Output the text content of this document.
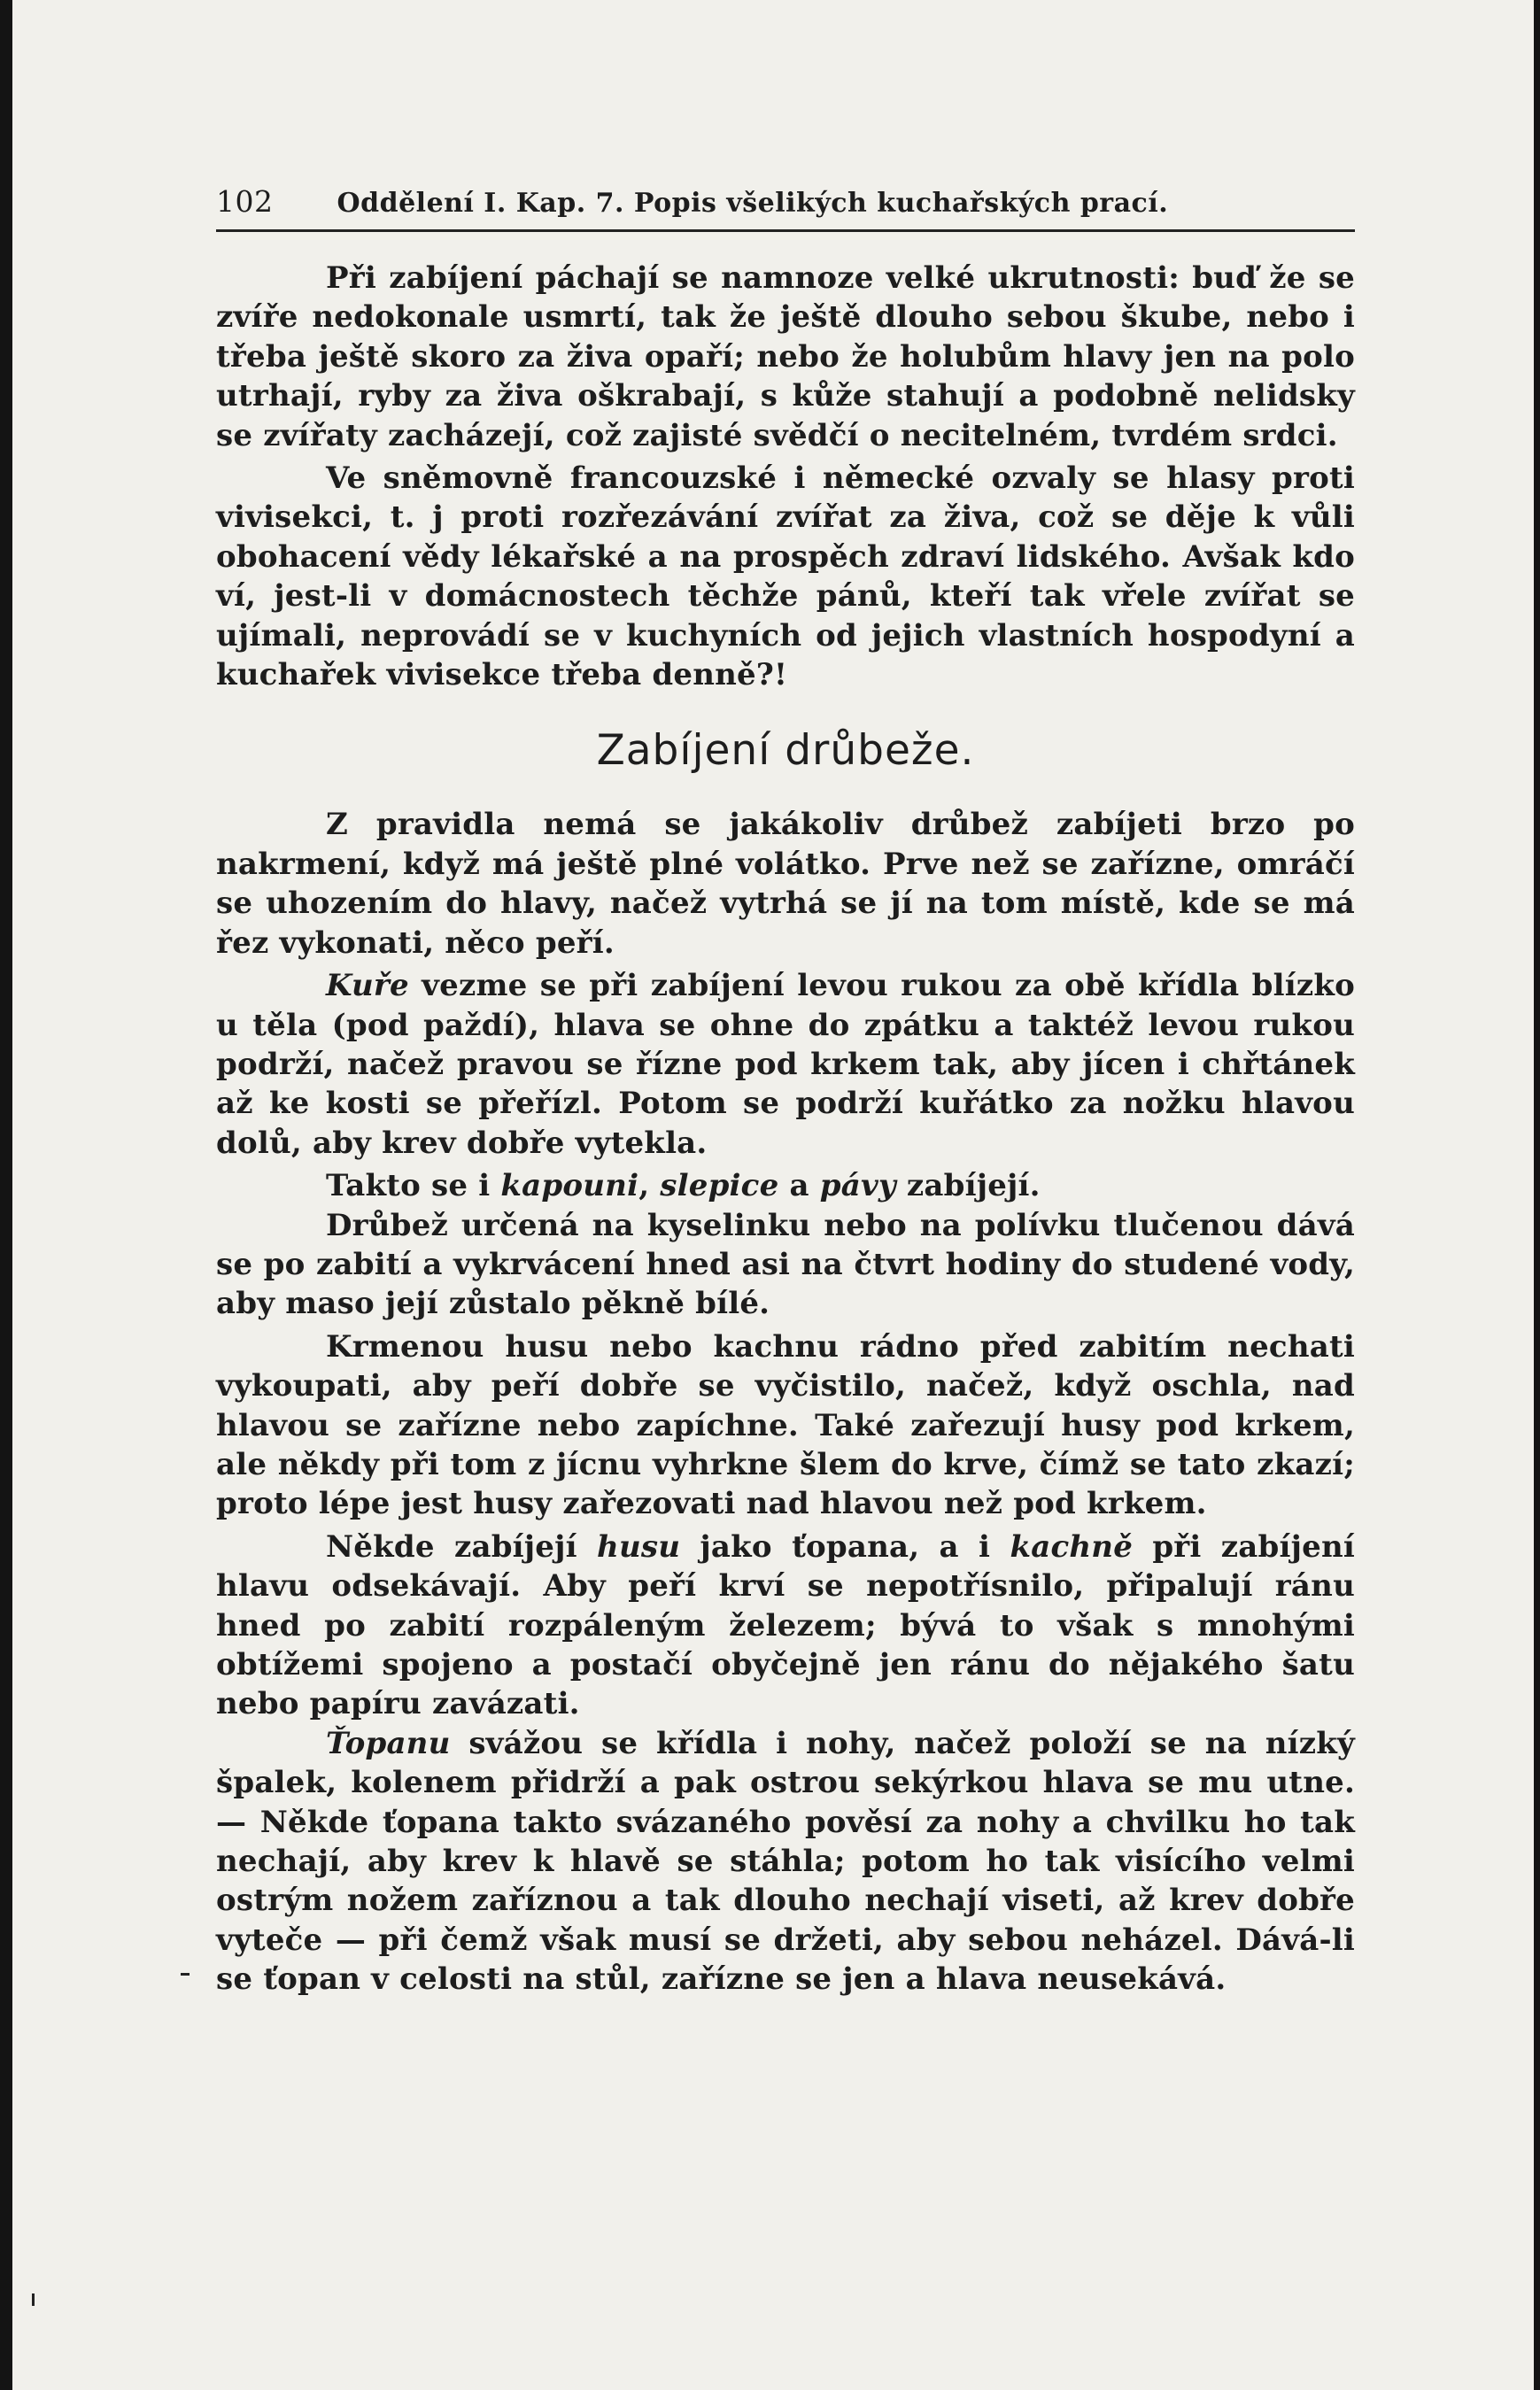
102 Oddělení I. Kap. 7. Popis všelikých kuchařských prací.

Při zabíjení páchají se namnoze velké ukrutnosti: buď že se zvíře nedokonale usmrtí, tak že ještě dlouho sebou škube, nebo i třeba ještě skoro za živa opaří; nebo že holubům hlavy jen na polo utrhají, ryby za živa oškrabají, s kůže stahují a podobně nelidsky se zvířaty zacházejí, což zajisté svědčí o necitelném, tvrdém srdci.

Ve sněmovně francouzské i německé ozvaly se hlasy proti vivisekci, t. j proti rozřezávání zvířat za živa, což se děje k vůli obohacení vědy lékařské a na prospěch zdraví lidského. Avšak kdo ví, jest-li v domácnostech těchže pánů, kteří tak vřele zvířat se ujímali, neprovádí se v kuchyních od jejich vlastních hospodyní a kuchařek vivisekce třeba denně?!

Zabíjení drůbeže.

Z pravidla nemá se jakákoliv drůbež zabíjeti brzo po nakrmení, když má ještě plné volátko. Prve než se zařízne, omráčí se uhozením do hlavy, načež vytrhá se jí na tom místě, kde se má řez vykonati, něco peří.

Kuře vezme se při zabíjení levou rukou za obě křídla blízko u těla (pod paždí), hlava se ohne do zpátku a taktéž levou rukou podrží, načež pravou se řízne pod krkem tak, aby jícen i chřtánek až ke kosti se přeřízl. Potom se podrží kuřátko za nožku hlavou dolů, aby krev dobře vytekla.

Takto se i kapouni, slepice a pávy zabíjejí.

Drůbež určená na kyselinku nebo na polívku tlučenou dává se po zabití a vykrvácení hned asi na čtvrt hodiny do studené vody, aby maso její zůstalo pěkně bílé.

Krmenou husu nebo kachnu rádno před zabitím nechati vykoupati, aby peří dobře se vyčistilo, načež, když oschla, nad hlavou se zaříznе nebo zapíchne. Také zařezují husy pod krkem, ale někdy při tom z jícnu vyhrkne šlem do krve, čímž se tato zkazí; proto lépe jest husy zařezovati nad hlavou než pod krkem.

Někde zabíjejí husu jako ťopana, a i kachně při zabíjení hlavu odsekávají. Aby peří krví se nepotřísnilo, připalují ránu hned po zabití rozpáleným železem; bývá to však s mnohými obtížemi spojeno a postačí obyčejně jen ránu do nějakého šatu nebo papíru zavázati.

Ťopanu svážou se křídla i nohy, načež položí se na nízký špalek, kolenem přidrží a pak ostrou sekýrkou hlava se mu utne. — Někde ťopana takto svázaného pověsí za nohy a chvilku ho tak nechají, aby krev k hlavě se stáhla; potom ho tak visícího velmi ostrým nožem zaříznou a tak dlouho nechají viseti, až krev dobře vyteče — při čemž však musí se držeti, aby sebou neházel. Dává-li se ťopan v celosti na stůl, zařízne se jen a hlava neusekává.
